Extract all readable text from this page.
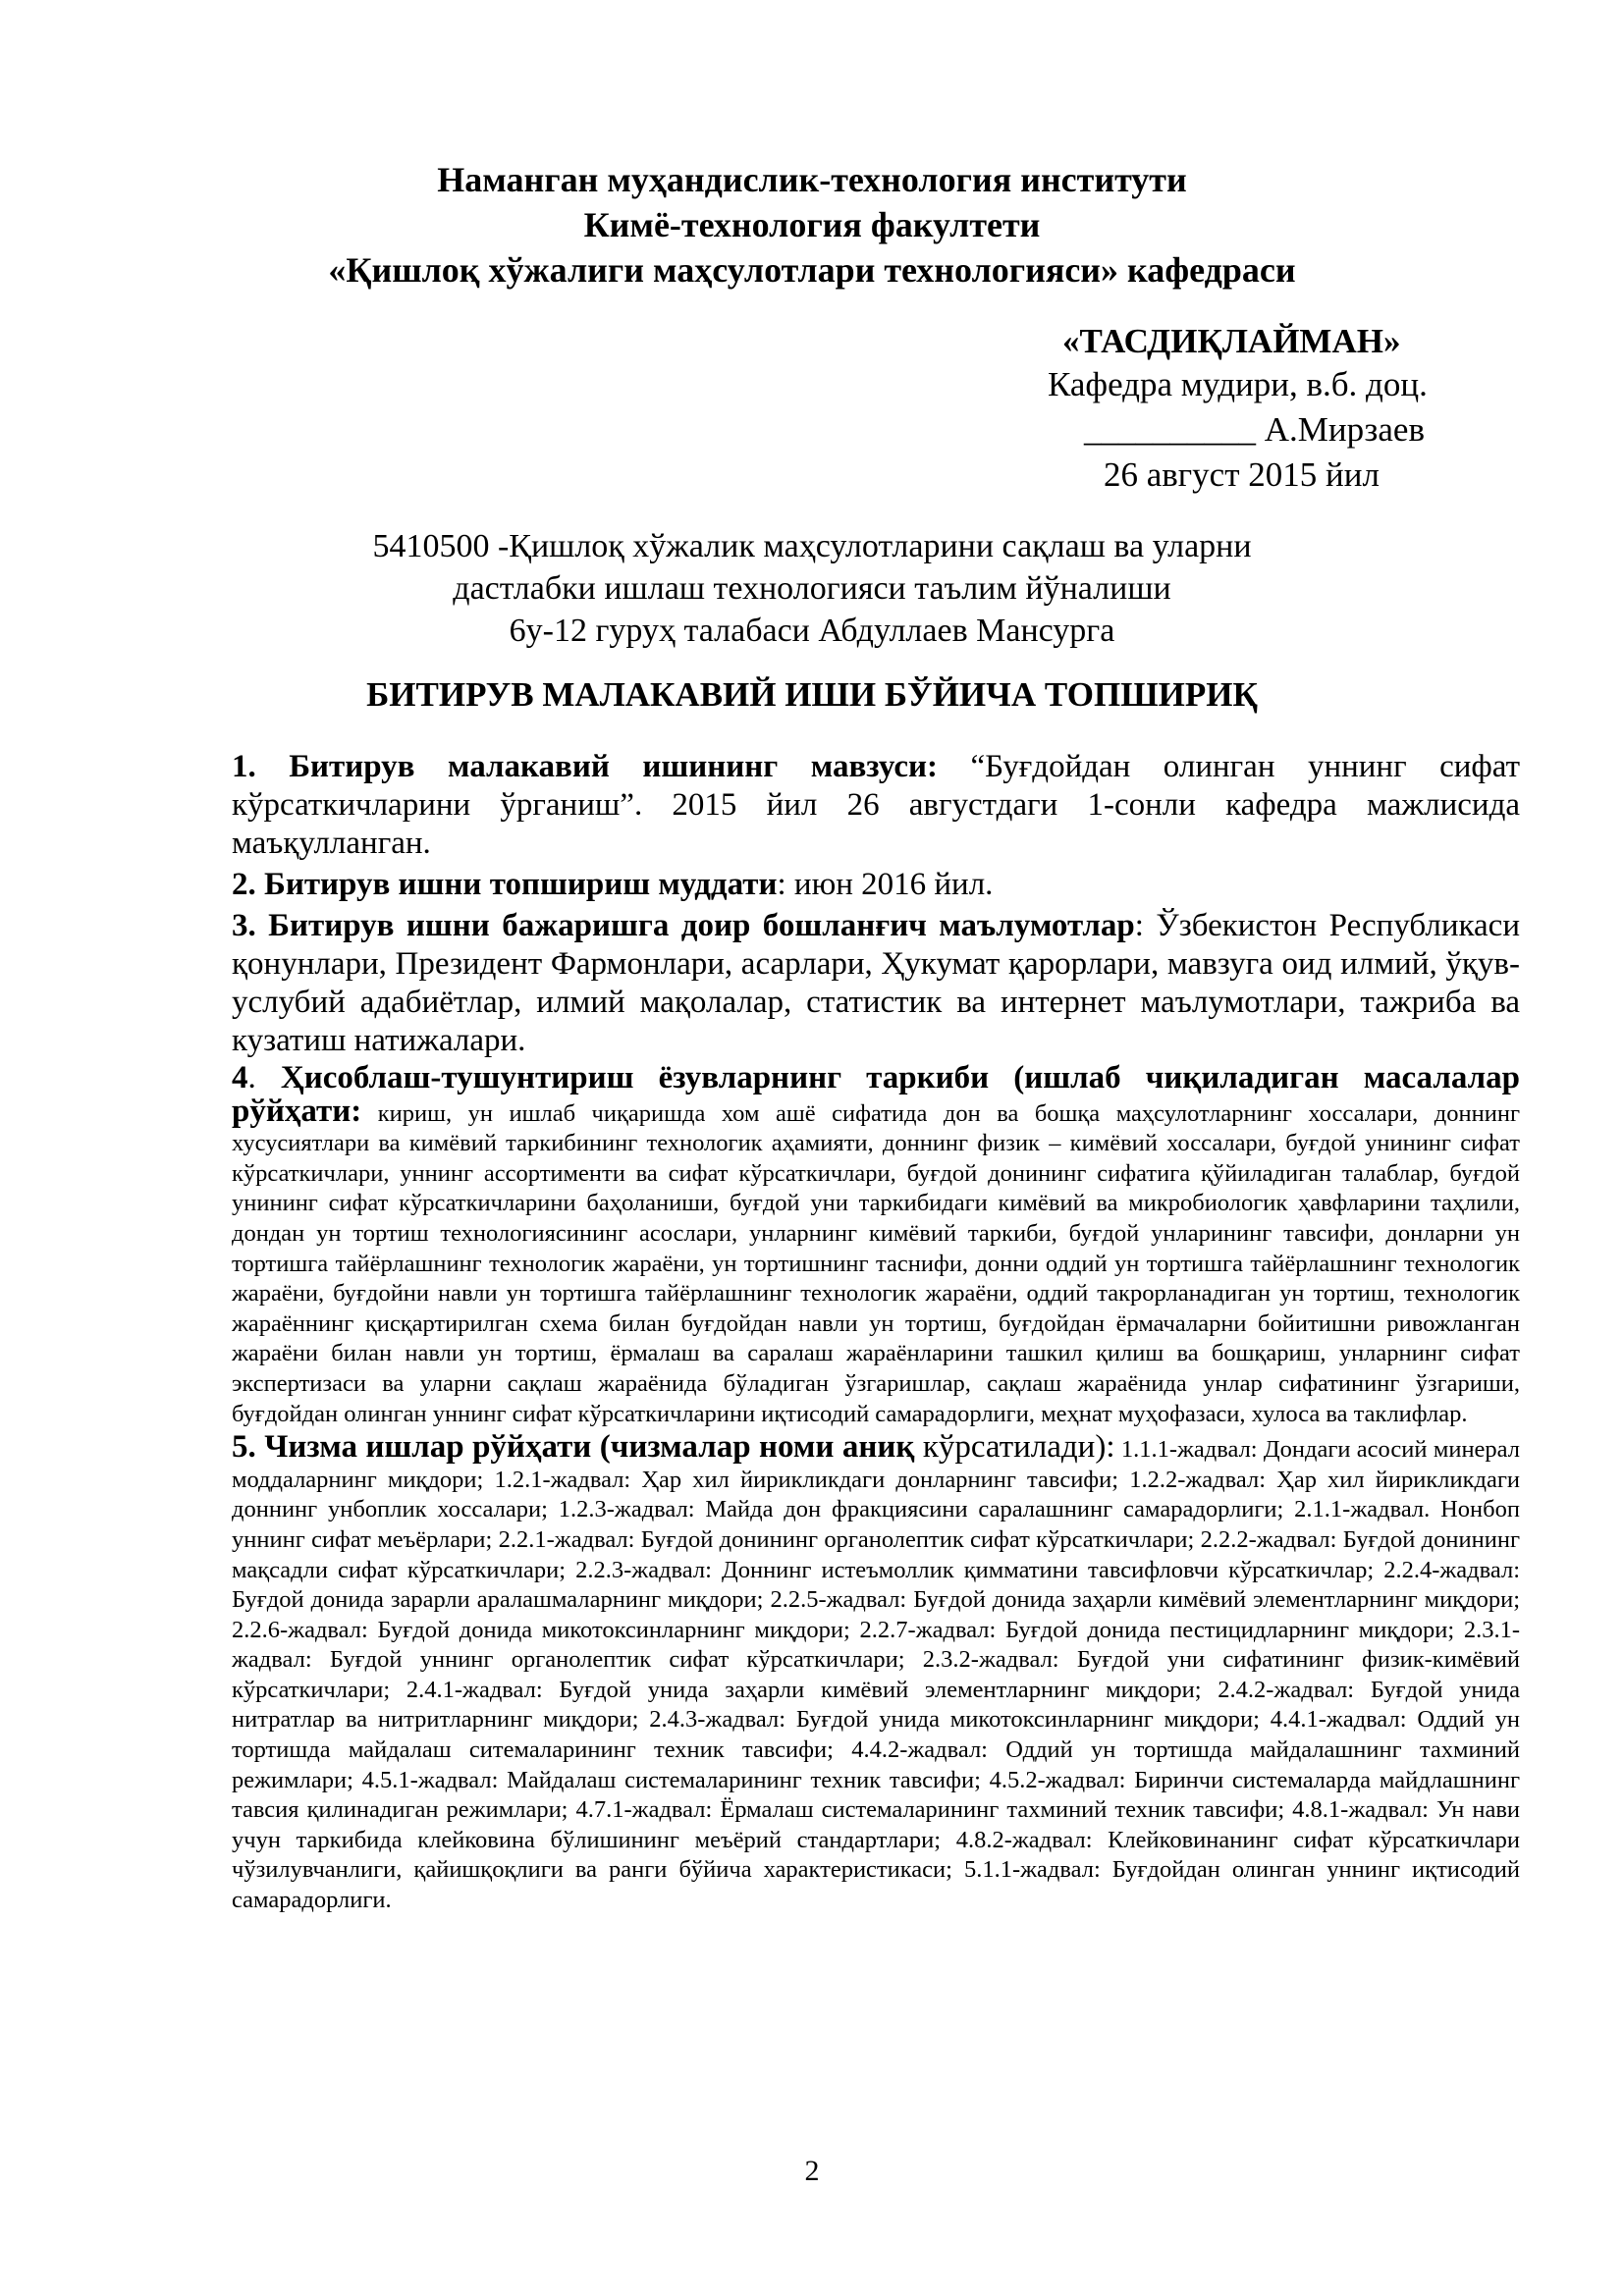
Наманган муҳандислик-технология институти
Кимё-технология факултети
«Қишлоқ хўжалиги маҳсулотлари технологияси» кафедраси
«ТАСДИҚЛАЙМАН»
Кафедра мудири, в.б. доц.
__________ А.Мирзаев
26 август 2015 йил
5410500 -Қишлоқ хўжалик маҳсулотларини сақлаш ва уларни
дастлабки ишлаш технологияси таълим йўналиши
6у-12 гуруҳ талабаси Абдуллаев Мансурга
БИТИРУВ МАЛАКАВИЙ ИШИ БЎЙИЧА ТОПШИРИҚ

1. Битирув малакавий ишининг мавзуси: “Буғдойдан олинган уннинг сифат кўрсаткичларини ўрганиш”. 2015 йил 26 августдаги 1-сонли кафедра мажлисида маъқулланган.

2. Битирув ишни топшириш муддати: июн 2016 йил.

3. Битирув ишни бажаришга доир бошланғич маълумотлар: Ўзбекистон Республикаси қонунлари, Президент Фармонлари, асарлари, Ҳукумат қарорлари, мавзуга оид илмий, ўқув-услубий адабиётлар, илмий мақолалар, статистик ва интернет маълумотлари, тажриба ва кузатиш натижалари.

4. Ҳисоблаш-тушунтириш ёзувларнинг таркиби (ишлаб чиқиладиган масалалар рўйҳати: кириш, ун ишлаб чиқаришда хом ашё сифатида дон ва бошқа маҳсулотларнинг хоссалари, доннинг хусусиятлари ва кимёвий таркибининг технологик аҳамияти, доннинг физик – кимёвий хоссалари, буғдой унининг сифат кўрсаткичлари, уннинг ассортименти ва сифат кўрсаткичлари, буғдой донининг сифатига қўйиладиган талаблар, буғдой унининг сифат кўрсаткичларини баҳоланиши, буғдой уни таркибидаги кимёвий ва микробиологик ҳавфларини таҳлили, дондан ун тортиш технологиясининг асослари, унларнинг кимёвий таркиби, буғдой унларининг тавсифи, донларни ун тортишга тайёрлашнинг технологик жараёни, ун тортишнинг таснифи, донни оддий ун тортишга тайёрлашнинг технологик жараёни, буғдойни навли ун тортишга тайёрлашнинг технологик жараёни, оддий такрорланадиган ун тортиш, технологик жараённинг қисқартирилган схема билан буғдойдан навли ун тортиш, буғдойдан ёрмачаларни бойитишни ривожланган жараёни билан навли ун тортиш, ёрмалаш ва саралаш жараёнларини ташкил қилиш ва бошқариш, унларнинг сифат экспертизаси ва уларни сақлаш жараёнида бўладиган ўзгаришлар, сақлаш жараёнида унлар сифатининг ўзгариши, буғдойдан олинган уннинг сифат кўрсаткичларини иқтисодий самарадорлиги, меҳнат муҳофазаси, хулоса ва таклифлар.

5. Чизма ишлар рўйҳати (чизмалар номи аниқ кўрсатилади): 1.1.1-жадвал: Дондаги асосий минерал моддаларнинг миқдори; 1.2.1-жадвал: Ҳар хил йирикликдаги донларнинг тавсифи; 1.2.2-жадвал: Ҳар хил йирикликдаги доннинг унбоплик хоссалари; 1.2.3-жадвал: Майда дон фракциясини саралашнинг самарадорлиги; 2.1.1-жадвал. Нонбоп уннинг сифат меъёрлари; 2.2.1-жадвал: Буғдой донининг органолептик сифат кўрсаткичлари; 2.2.2-жадвал: Буғдой донининг мақсадли сифат кўрсаткичлари; 2.2.3-жадвал: Доннинг истеъмоллик қимматини тавсифловчи кўрсаткичлар; 2.2.4-жадвал: Буғдой донида зарарли аралашмаларнинг миқдори; 2.2.5-жадвал: Буғдой донида заҳарли кимёвий элементларнинг миқдори; 2.2.6-жадвал: Буғдой донида микотоксинларнинг миқдори; 2.2.7-жадвал: Буғдой донида пестицидларнинг миқдори; 2.3.1-жадвал: Буғдой уннинг органолептик сифат кўрсаткичлари; 2.3.2-жадвал: Буғдой уни сифатининг физик-кимёвий кўрсаткичлари; 2.4.1-жадвал: Буғдой унида заҳарли кимёвий элементларнинг миқдори; 2.4.2-жадвал: Буғдой унида нитратлар ва нитритларнинг миқдори; 2.4.3-жадвал: Буғдой унида микотоксинларнинг миқдори; 4.4.1-жадвал: Оддий ун тортишда майдалаш ситемаларининг техник тавсифи; 4.4.2-жадвал: Оддий ун тортишда майдалашнинг тахминий режимлари; 4.5.1-жадвал: Майдалаш системаларининг техник тавсифи; 4.5.2-жадвал: Биринчи системаларда майдлашнинг тавсия қилинадиган режимлари; 4.7.1-жадвал: Ёрмалаш системаларининг тахминий техник тавсифи; 4.8.1-жадвал: Ун нави учун таркибида клейковина бўлишининг меъёрий стандартлари; 4.8.2-жадвал: Клейковинанинг сифат кўрсаткичлари чўзилувчанлиги, қайишқоқлиги ва ранги бўйича характеристикаси; 5.1.1-жадвал: Буғдойдан олинган уннинг иқтисодий самарадорлиги.

2
